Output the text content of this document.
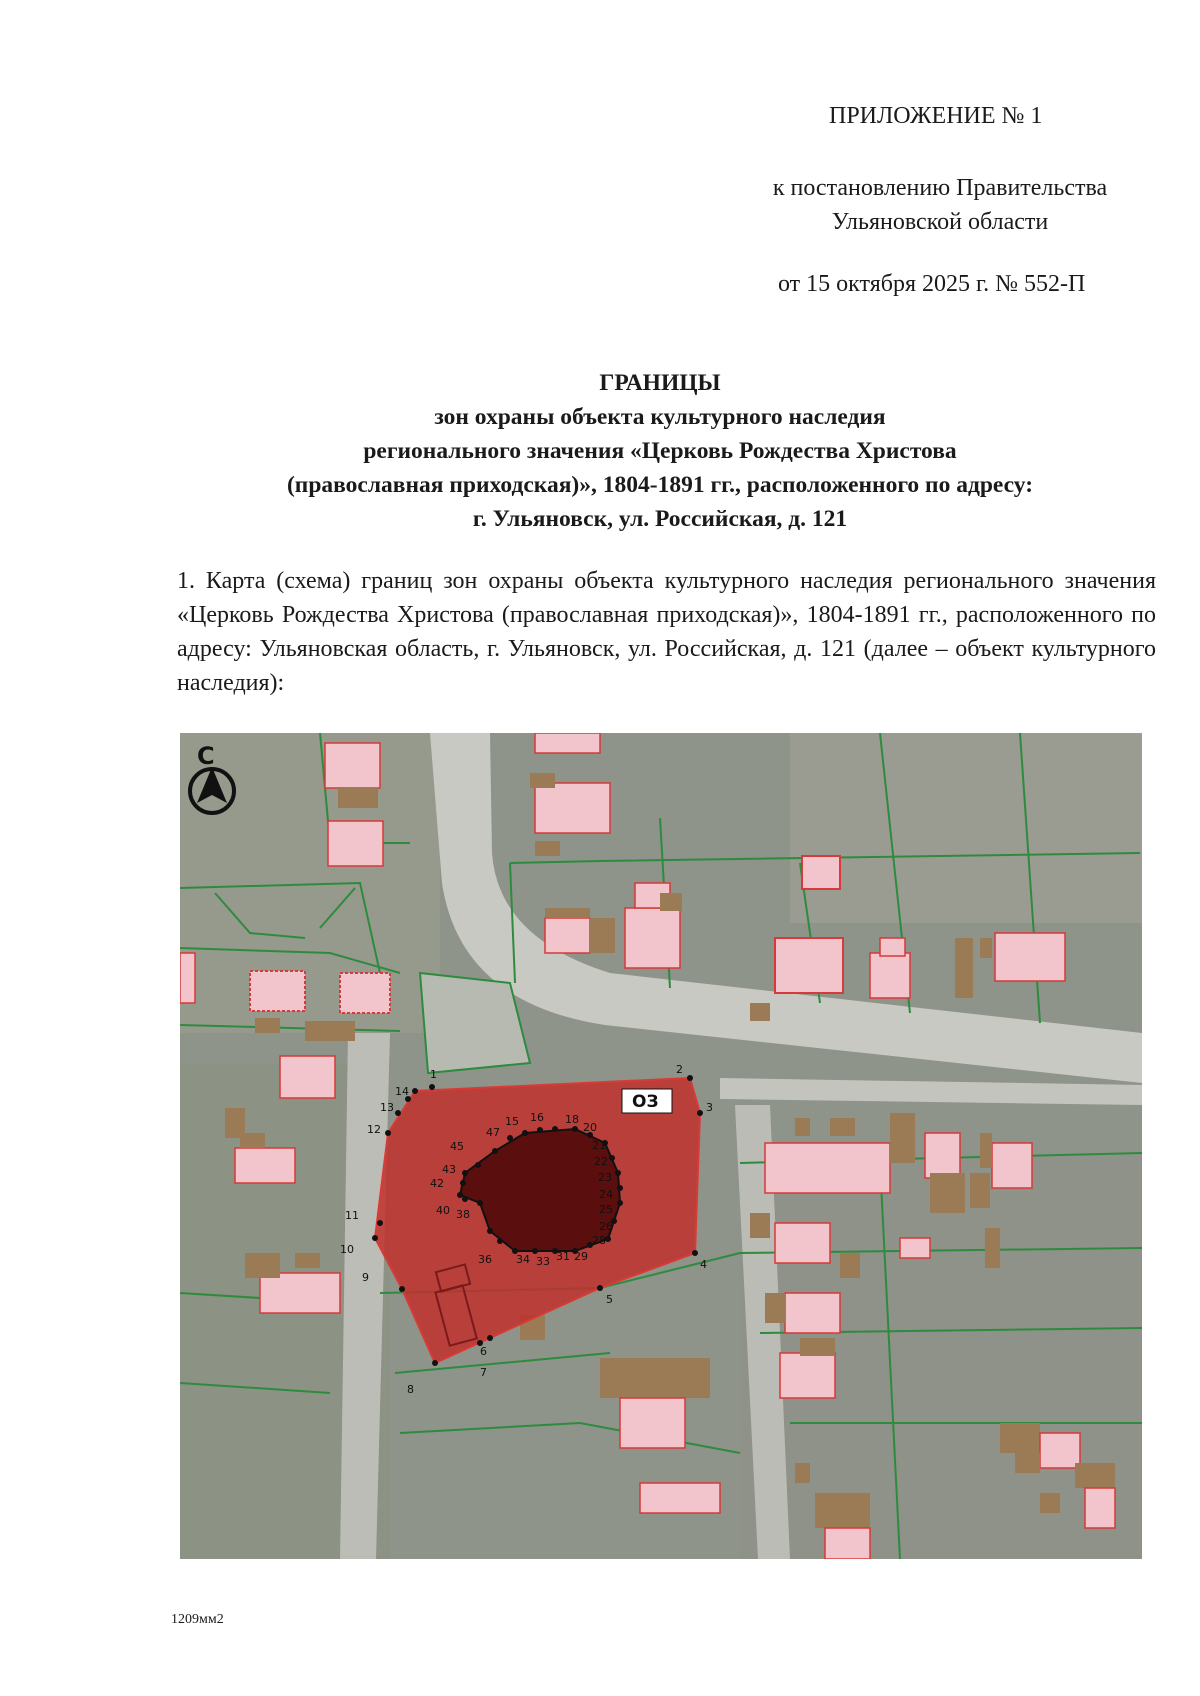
ПРИЛОЖЕНИЕ № 1
к постановлению Правительства
Ульяновской области
от 15 октября 2025 г. № 552-П
ГРАНИЦЫ
зон охраны объекта культурного наследия
регионального значения «Церковь Рождества Христова
(православная приходская)», 1804-1891 гг., расположенного по адресу:
г. Ульяновск, ул. Российская, д. 121
1. Карта (схема) границ зон охраны объекта культурного наследия регионального значения «Церковь Рождества Христова (православная приходская)», 1804-1891 гг., расположенного по адресу: Ульяновская область, г. Ульяновск, ул. Российская, д. 121 (далее – объект культурного наследия):
1	2
3
4
5
6
7
8
9
10
11
12
13
14
15 16 18
20
21
22
23
24
25
26
28
29
31
33
34
36
38
40
42
43
45
47
ОЗ
С
1209мм2
